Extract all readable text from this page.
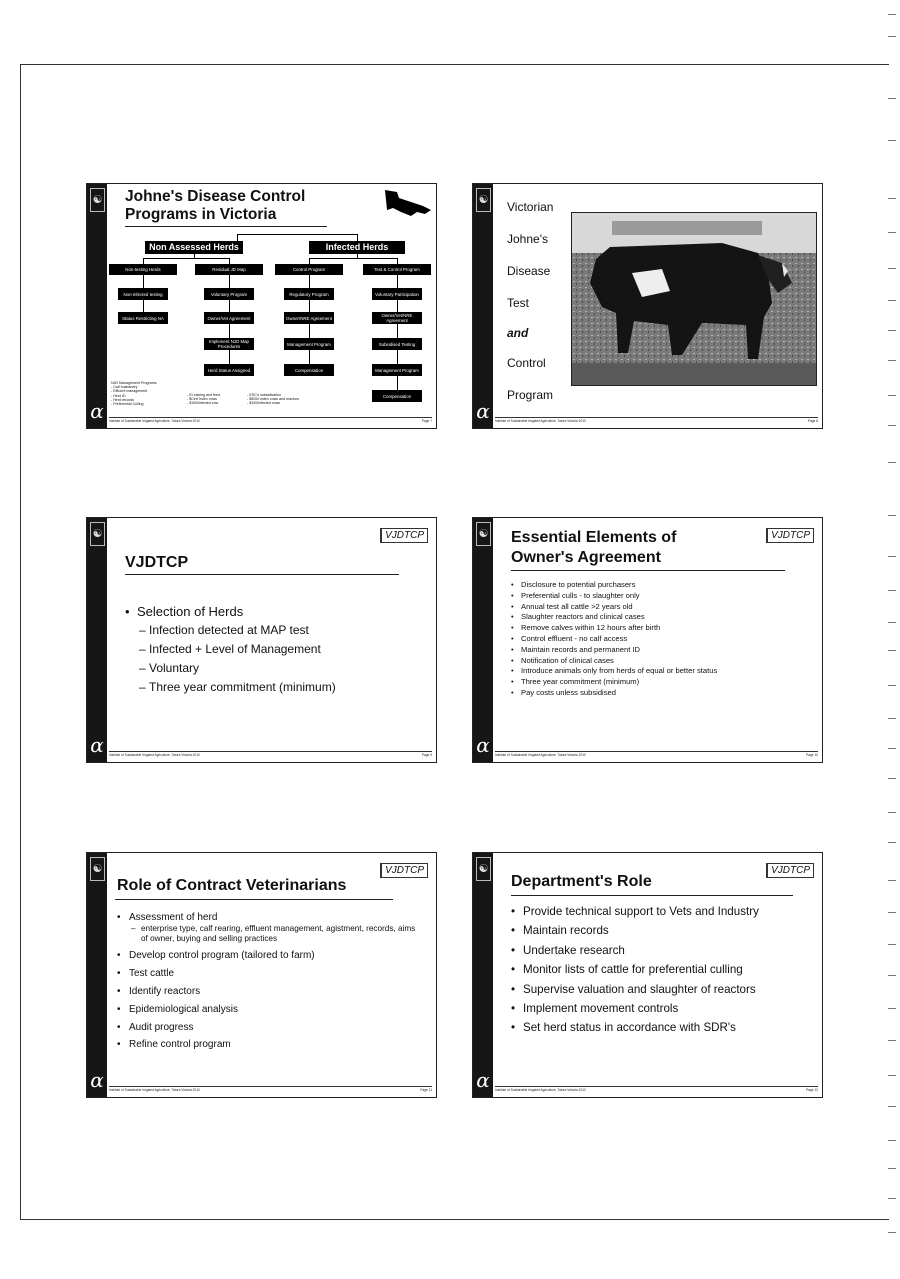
☯
α
Johne's Disease Control
Programs in Victoria
Non Assessed Herds	Infected Herds
Non-testing Herds
Non-infected testing
Status Restricting NA
Residual JD Map
Voluntary Program
Owner/Vet Agreement
Implement NJD Map Procedures
Herd Status Assigned
Control Program
Regulatory Program
Owner/NRE Agreement
Management Program
Compensation
Test & Control Program
Voluntary Participation
Owner/Vet/NRE Agreement
Subsidised Testing
Management Program
Compensation
NJD Management Programs
- Calf husbandry
- Effluent management
- Herd ID
- Herd records
- Preferential Culling
- ID calving and feed
- $Cert Index cows
- $100/infected cow
- ESC's subsidisation
- $5000 index cows and reactors
- $100/infected cows
Institute of Sustainable Irrigated Agriculture, Tatura Victoria 2010	Page 7
☯
α
Victorian
Johne's
Disease
Test
and
Control
Program
Institute of Sustainable Irrigated Agriculture, Tatura Victoria 2010	Page 8
☯
α
VJDTCP
VJDTCP
• Selection of Herds
– Infection detected at MAP test
– Infected + Level of Management
– Voluntary
– Three year commitment (minimum)
Institute of Sustainable Irrigated Agriculture, Tatura Victoria 2010	Page 9
☯
α
VJDTCP
Essential Elements of
Owner's Agreement
• Disclosure to potential purchasers
• Preferential culls - to slaughter only
• Annual test all cattle >2 years old
• Slaughter reactors and clinical cases
• Remove calves within 12 hours after birth
• Control effluent - no calf access
• Maintain records and permanent ID
• Notification of clinical cases
• Introduce animals only from herds of equal or better status
• Three year commitment (minimum)
• Pay costs unless subsidised
Institute of Sustainable Irrigated Agriculture, Tatura Victoria 2010	Page 10
☯
α
VJDTCP
Role of Contract Veterinarians
• Assessment of herd
– enterprise type, calf rearing, effluent management, agistment, records, aims of owner, buying and selling practices
• Develop control program (tailored to farm)
• Test cattle
• Identify reactors
• Epidemiological analysis
• Audit progress
• Refine control program
Institute of Sustainable Irrigated Agriculture, Tatura Victoria 2010	Page 11
☯
α
VJDTCP
Department's Role
• Provide technical support to Vets and Industry
• Maintain records
• Undertake research
• Monitor lists of cattle for preferential culling
• Supervise valuation and slaughter of reactors
• Implement movement controls
• Set herd status in accordance with SDR's
Institute of Sustainable Irrigated Agriculture, Tatura Victoria 2010	Page 12
